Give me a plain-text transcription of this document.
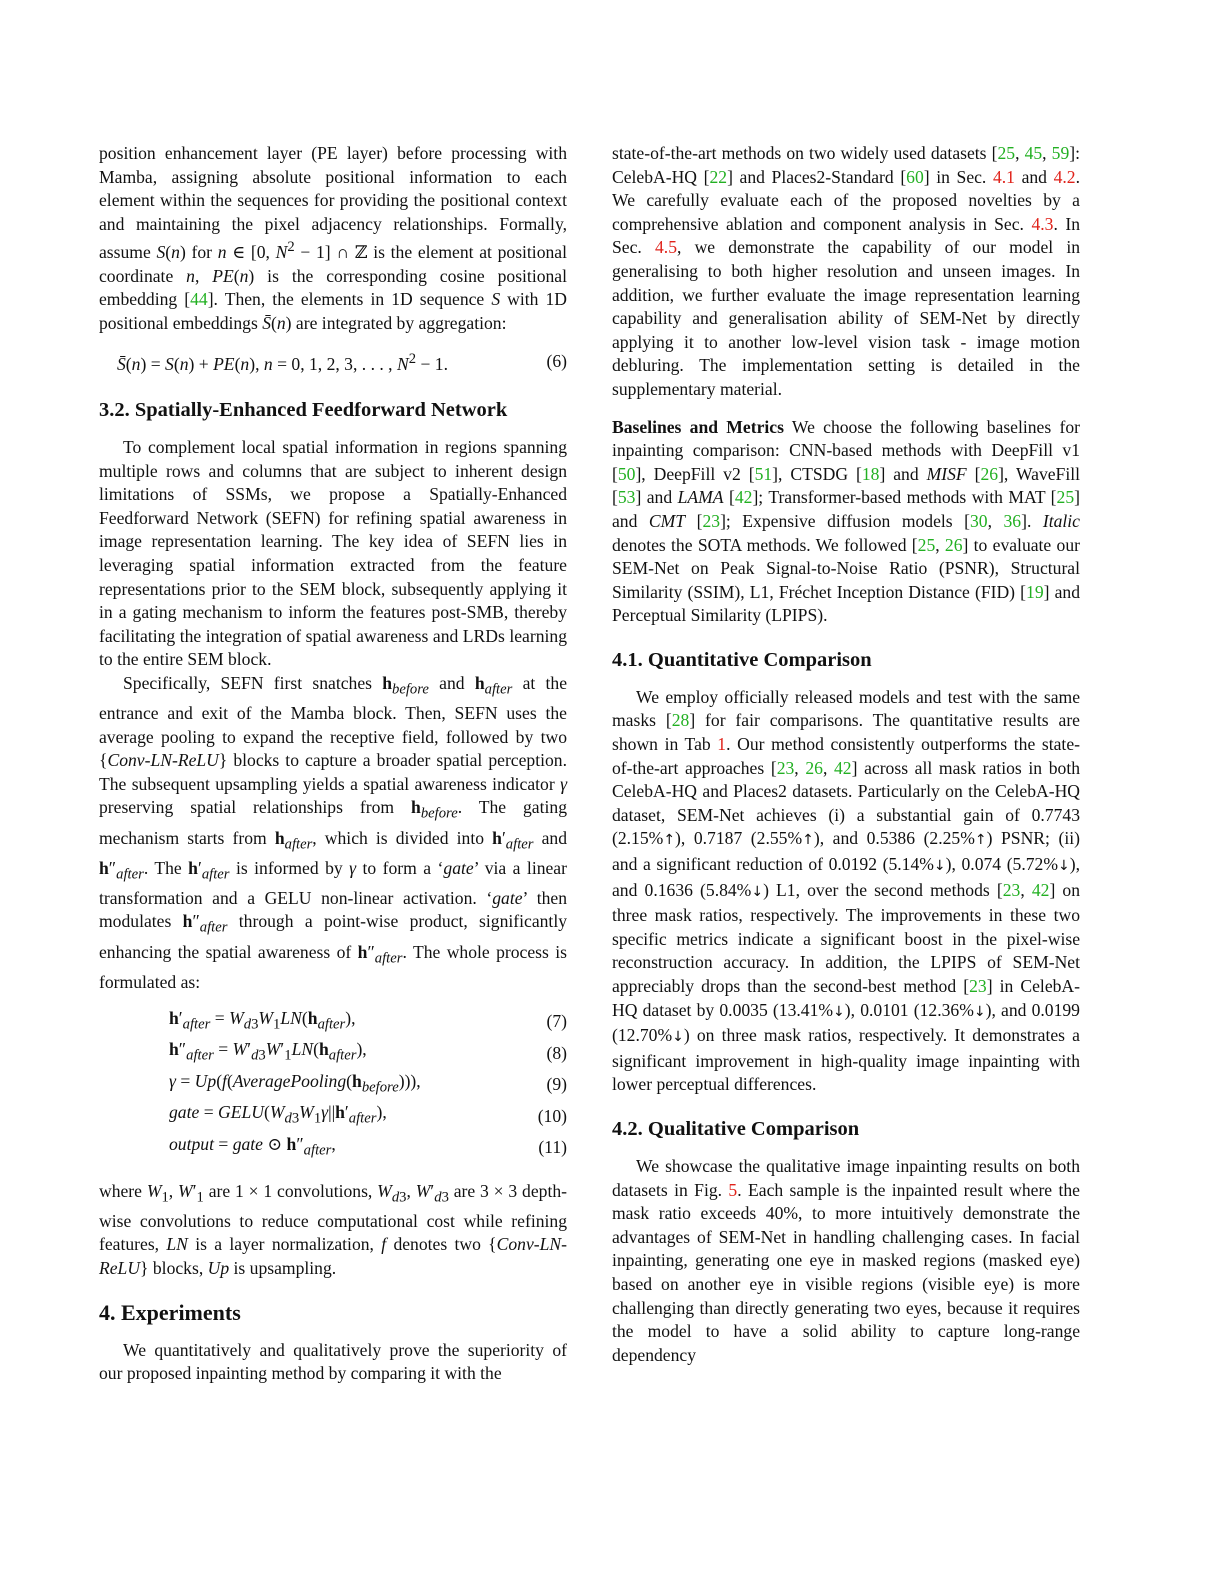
position enhancement layer (PE layer) before processing with Mamba, assigning absolute positional information to each element within the sequences for providing the positional context and maintaining the pixel adjacency relationships. Formally, assume S(n) for n ∈ [0, $N^2 - 1$] ∩ ℤ is the element at positional coordinate n, PE(n) is the corresponding cosine positional embedding [44]. Then, the elements in 1D sequence S with 1D positional embeddings S̄(n) are integrated by aggregation:

S̄(n) = S(n) + PE(n), n = 0, 1, 2, 3, . . . , $N^2 - 1$.	(6)
3.2. Spatially-Enhanced Feedforward Network

To complement local spatial information in regions spanning multiple rows and columns that are subject to inherent design limitations of SSMs, we propose a Spatially-Enhanced Feedforward Network (SEFN) for refining spatial awareness in image representation learning. The key idea of SEFN lies in leveraging spatial information extracted from the feature representations prior to the SEM block, subsequently applying it in a gating mechanism to inform the features post-SMB, thereby facilitating the integration of spatial awareness and LRDs learning to the entire SEM block.

Specifically, SEFN first snatches $h_{before}$ and $h_{after}$ at the entrance and exit of the Mamba block. Then, SEFN uses the average pooling to expand the receptive field, followed by two {Conv-LN-ReLU} blocks to capture a broader spatial perception. The subsequent upsampling yields a spatial awareness indicator γ preserving spatial relationships from $h_{before}$. The gating mechanism starts from $h_{after}$, which is divided into $h'_{after}$ and $h''_{after}$. The $h'_{after}$ is informed by γ to form a ‘gate’ via a linear transformation and a GELU non-linear activation. ‘gate’ then modulates $h''_{after}$ through a point-wise product, significantly enhancing the spatial awareness of $h''_{after}$. The whole process is formulated as:

$h'_{after} = W_{d3}W_1LN(h_{after})$,	(7)
$h''_{after} = W'_{d3}W'_1LN(h_{after})$,	(8)
$\gamma = Up(f(AveragePooling(h_{before})))$,	(9)
gate = $GELU(W_{d3}W_1\gamma||h'_{after})$,	(10)
output = gate ⊙ $h''_{after}$,	(11)

where $W_1$, $W'_1$ are 1 × 1 convolutions, $W_{d3}$, $W'_{d3}$ are 3 × 3 depth-wise convolutions to reduce computational cost while refining features, LN is a layer normalization, f denotes two {Conv-LN-ReLU} blocks, Up is upsampling.

4. Experiments

We quantitatively and qualitatively prove the superiority of our proposed inpainting method by comparing it with the

state-of-the-art methods on two widely used datasets [25, 45, 59]: CelebA-HQ [22] and Places2-Standard [60] in Sec. 4.1 and 4.2. We carefully evaluate each of the proposed novelties by a comprehensive ablation and component analysis in Sec. 4.3. In Sec. 4.5, we demonstrate the capability of our model in generalising to both higher resolution and unseen images. In addition, we further evaluate the image representation learning capability and generalisation ability of SEM-Net by directly applying it to another low-level vision task - image motion debluring. The implementation setting is detailed in the supplementary material.

Baselines and Metrics We choose the following baselines for inpainting comparison: CNN-based methods with DeepFill v1 [50], DeepFill v2 [51], CTSDG [18] and MISF [26], WaveFill [53] and LAMA [42]; Transformer-based methods with MAT [25] and CMT [23]; Expensive diffusion models [30, 36]. Italic denotes the SOTA methods. We followed [25, 26] to evaluate our SEM-Net on Peak Signal-to-Noise Ratio (PSNR), Structural Similarity (SSIM), L1, Fréchet Inception Distance (FID) [19] and Perceptual Similarity (LPIPS).

4.1. Quantitative Comparison

We employ officially released models and test with the same masks [28] for fair comparisons. The quantitative results are shown in Tab 1. Our method consistently outperforms the state-of-the-art approaches [23, 26, 42] across all mask ratios in both CelebA-HQ and Places2 datasets. Particularly on the CelebA-HQ dataset, SEM-Net achieves (i) a substantial gain of 0.7743 (2.15%↑), 0.7187 (2.55%↑), and 0.5386 (2.25%↑) PSNR; (ii) and a significant reduction of 0.0192 (5.14%↓), 0.074 (5.72%↓), and 0.1636 (5.84%↓) L1, over the second methods [23, 42] on three mask ratios, respectively. The improvements in these two specific metrics indicate a significant boost in the pixel-wise reconstruction accuracy. In addition, the LPIPS of SEM-Net appreciably drops than the second-best method [23] in CelebA-HQ dataset by 0.0035 (13.41%↓), 0.0101 (12.36%↓), and 0.0199 (12.70%↓) on three mask ratios, respectively. It demonstrates a significant improvement in high-quality image inpainting with lower perceptual differences.

4.2. Qualitative Comparison

We showcase the qualitative image inpainting results on both datasets in Fig. 5. Each sample is the inpainted result where the mask ratio exceeds 40%, to more intuitively demonstrate the advantages of SEM-Net in handling challenging cases. In facial inpainting, generating one eye in masked regions (masked eye) based on another eye in visible regions (visible eye) is more challenging than directly generating two eyes, because it requires the model to have a solid ability to capture long-range dependency
